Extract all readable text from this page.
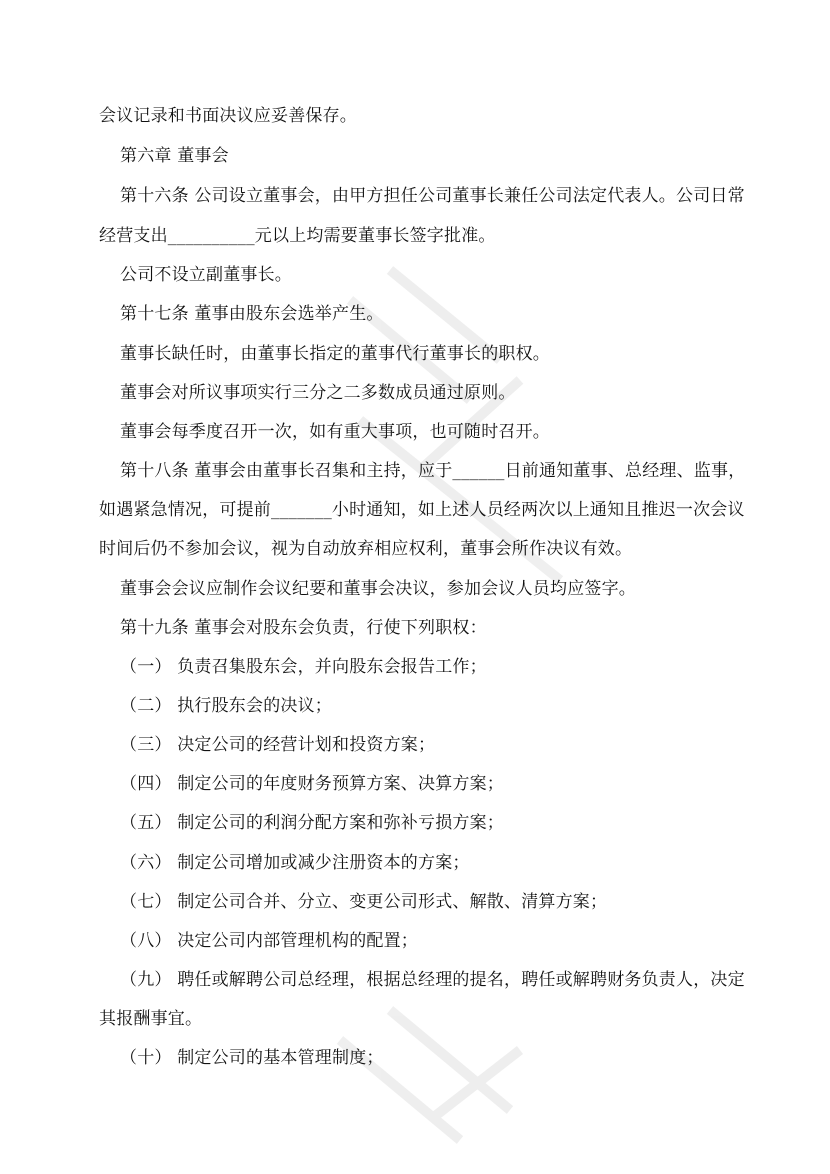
会议记录和书面决议应妥善保存。
第六章 董事会
第十六条 公司设立董事会，由甲方担任公司董事长兼任公司法定代表人。公司日常
经营支出__________元以上均需要董事长签字批准。
公司不设立副董事长。
第十七条 董事由股东会选举产生。
董事长缺任时，由董事长指定的董事代行董事长的职权。
董事会对所议事项实行三分之二多数成员通过原则。
董事会每季度召开一次，如有重大事项，也可随时召开。
第十八条 董事会由董事长召集和主持，应于______日前通知董事、总经理、监事，
如遇紧急情况，可提前_______小时通知，如上述人员经两次以上通知且推迟一次会议
时间后仍不参加会议，视为自动放弃相应权利，董事会所作决议有效。
董事会会议应制作会议纪要和董事会决议，参加会议人员均应签字。
第十九条 董事会对股东会负责，行使下列职权：
（一） 负责召集股东会，并向股东会报告工作；
（二） 执行股东会的决议；
（三） 决定公司的经营计划和投资方案；
（四） 制定公司的年度财务预算方案、决算方案；
（五） 制定公司的利润分配方案和弥补亏损方案；
（六） 制定公司增加或减少注册资本的方案；
（七） 制定公司合并、分立、变更公司形式、解散、清算方案；
（八） 决定公司内部管理机构的配置；
（九） 聘任或解聘公司总经理，根据总经理的提名，聘任或解聘财务负责人，决定
其报酬事宜。
（十） 制定公司的基本管理制度；
